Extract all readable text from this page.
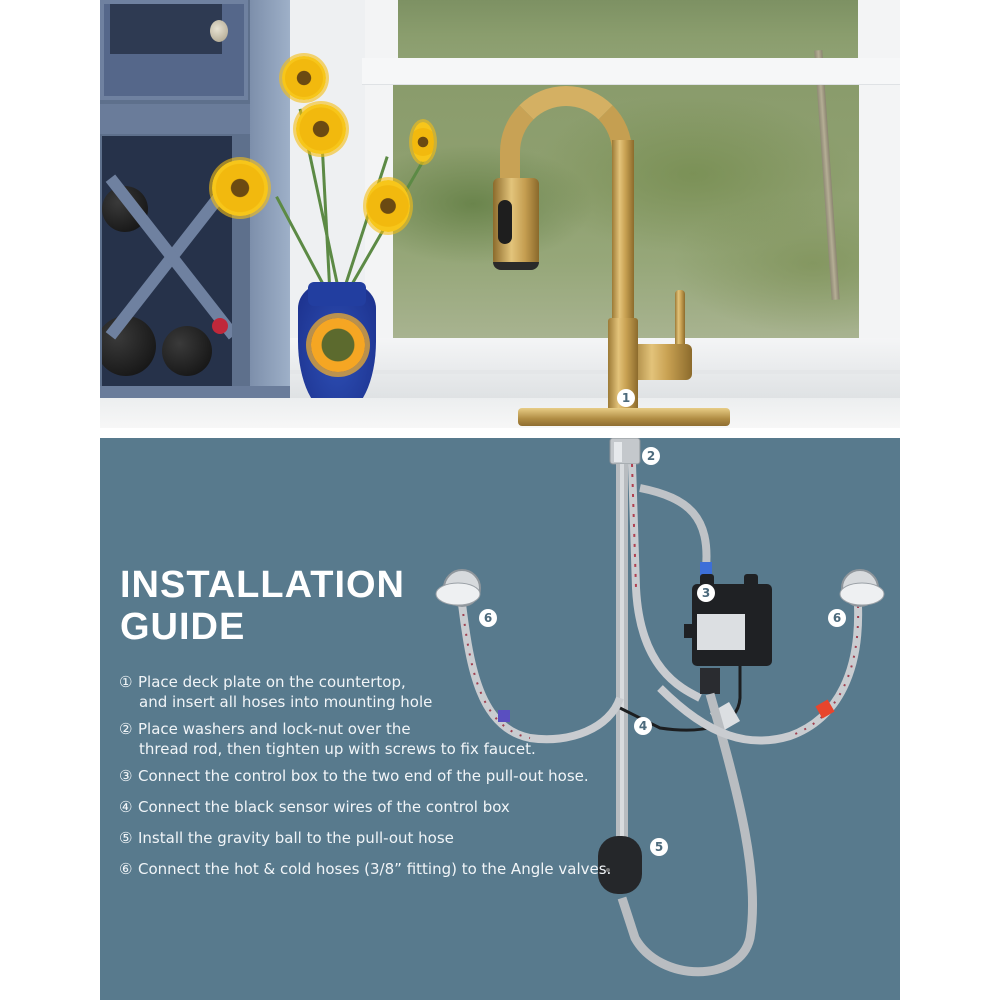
1
INSTALLATION
GUIDE
① Place deck plate on the countertop,
and insert all hoses into mounting hole
② Place washers and lock-nut over the
thread rod, then tighten up with screws to fix faucet.
③ Connect the control box to the two end of the pull-out hose.
④ Connect the black sensor wires of the control box
⑤ Install the gravity ball to the pull-out hose
⑥ Connect the hot & cold hoses (3/8” fitting) to the Angle valves.
2
3
4
5
6	6
